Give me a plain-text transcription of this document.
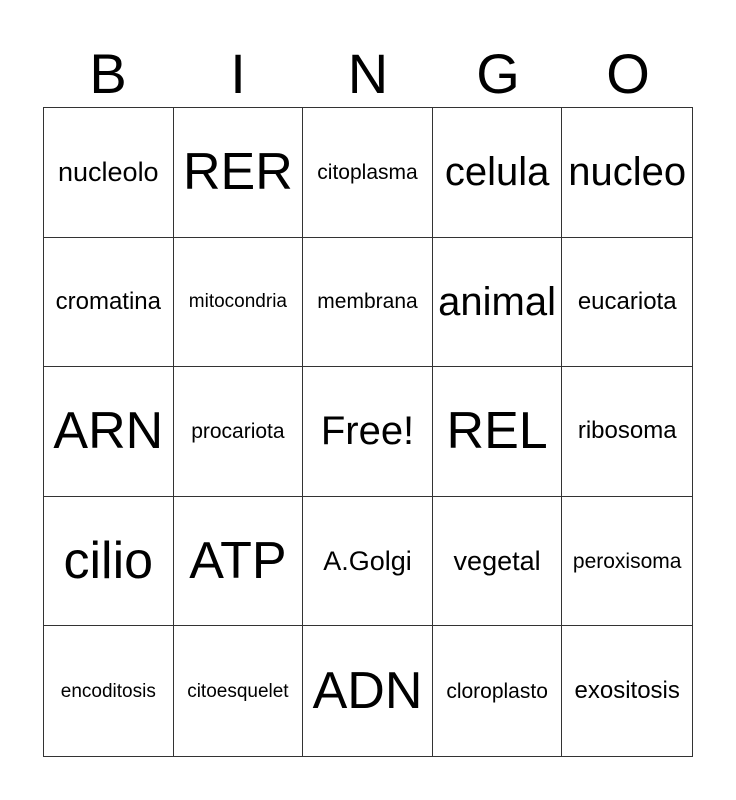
B	I	N	G	O
nucleolo RER citoplasma celula nucleo
cromatina mitocondria membrana animal eucariota
ARN procariota Free! REL ribosoma
cilio ATP A.Golgi vegetal peroxisoma
encoditosis citoesquelet ADN cloroplasto exositosis
